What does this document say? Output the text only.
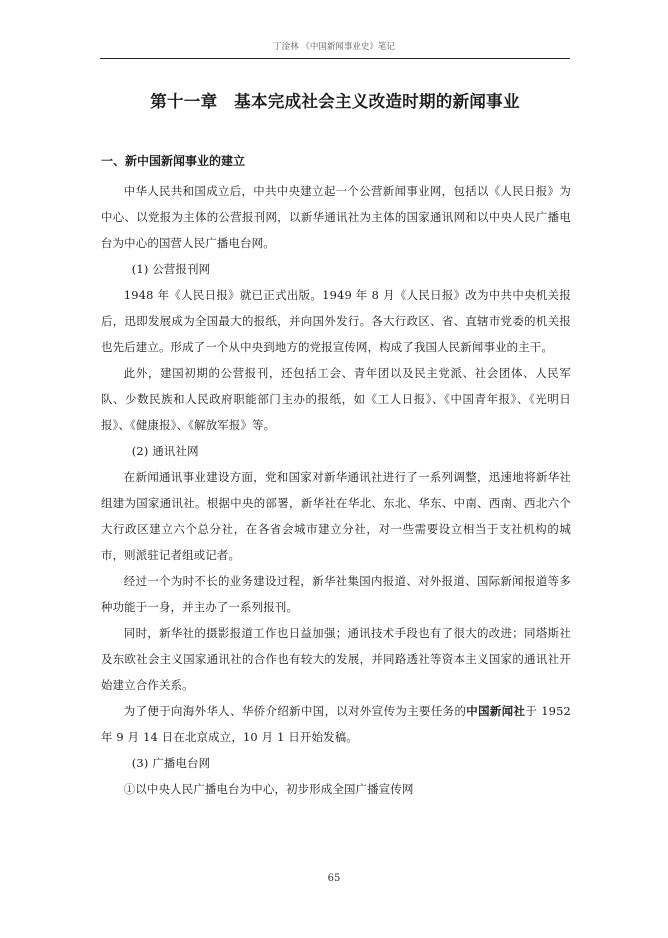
丁淦林 《中国新闻事业史》笔记
第十一章　基本完成社会主义改造时期的新闻事业
一、新中国新闻事业的建立

中华人民共和国成立后，中共中央建立起一个公营新闻事业网，包括以《人民日报》为中心、以党报为主体的公营报刊网，以新华通讯社为主体的国家通讯网和以中央人民广播电台为中心的国营人民广播电台网。

(1) 公营报刊网

1948 年《人民日报》就已正式出版。1949 年 8 月《人民日报》改为中共中央机关报后，迅即发展成为全国最大的报纸，并向国外发行。各大行政区、省、直辖市党委的机关报也先后建立。形成了一个从中央到地方的党报宣传网，构成了我国人民新闻事业的主干。

此外，建国初期的公营报刊，还包括工会、青年团以及民主党派、社会团体、人民军队、少数民族和人民政府职能部门主办的报纸，如《工人日报》、《中国青年报》、《光明日报》、《健康报》、《解放军报》等。

(2) 通讯社网

在新闻通讯事业建设方面，党和国家对新华通讯社进行了一系列调整，迅速地将新华社组建为国家通讯社。根据中央的部署，新华社在华北、东北、华东、中南、西南、西北六个大行政区建立六个总分社，在各省会城市建立分社，对一些需要设立相当于支社机构的城市，则派驻记者组或记者。

经过一个为时不长的业务建设过程，新华社集国内报道、对外报道、国际新闻报道等多种功能于一身，并主办了一系列报刊。

同时，新华社的摄影报道工作也日益加强；通讯技术手段也有了很大的改进；同塔斯社及东欧社会主义国家通讯社的合作也有较大的发展，并同路透社等资本主义国家的通讯社开始建立合作关系。

为了便于向海外华人、华侨介绍新中国，以对外宣传为主要任务的中国新闻社于 1952 年 9 月 14 日在北京成立，10 月 1 日开始发稿。

(3) 广播电台网

①以中央人民广播电台为中心，初步形成全国广播宣传网

65
